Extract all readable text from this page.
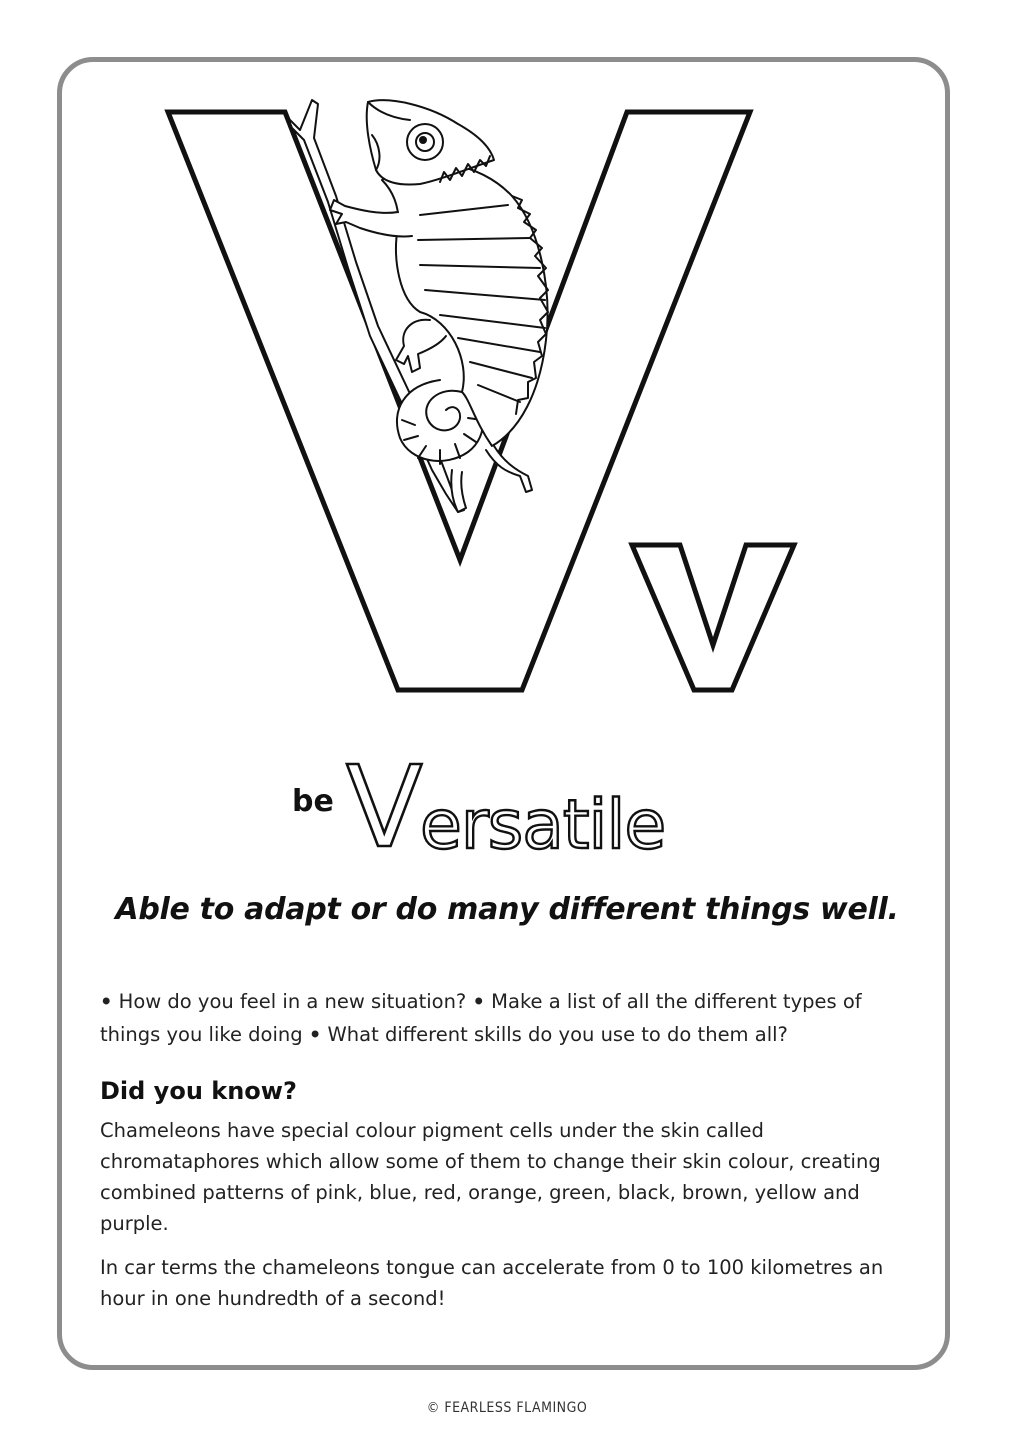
be V
ersatile
Able to adapt or do many different things well.
• How do you feel in a new situation? • Make a list of all the different types of things you like doing • What different skills do you use to do them all?
Did you know?
Chameleons have special colour pigment cells under the skin called chromataphores which allow some of them to change their skin colour, creating combined patterns of pink, blue, red, orange, green, black, brown, yellow and purple.
In car terms the chameleons tongue can accelerate from 0 to 100 kilometres an hour in one hundredth of a second!
© FEARLESS FLAMINGO
